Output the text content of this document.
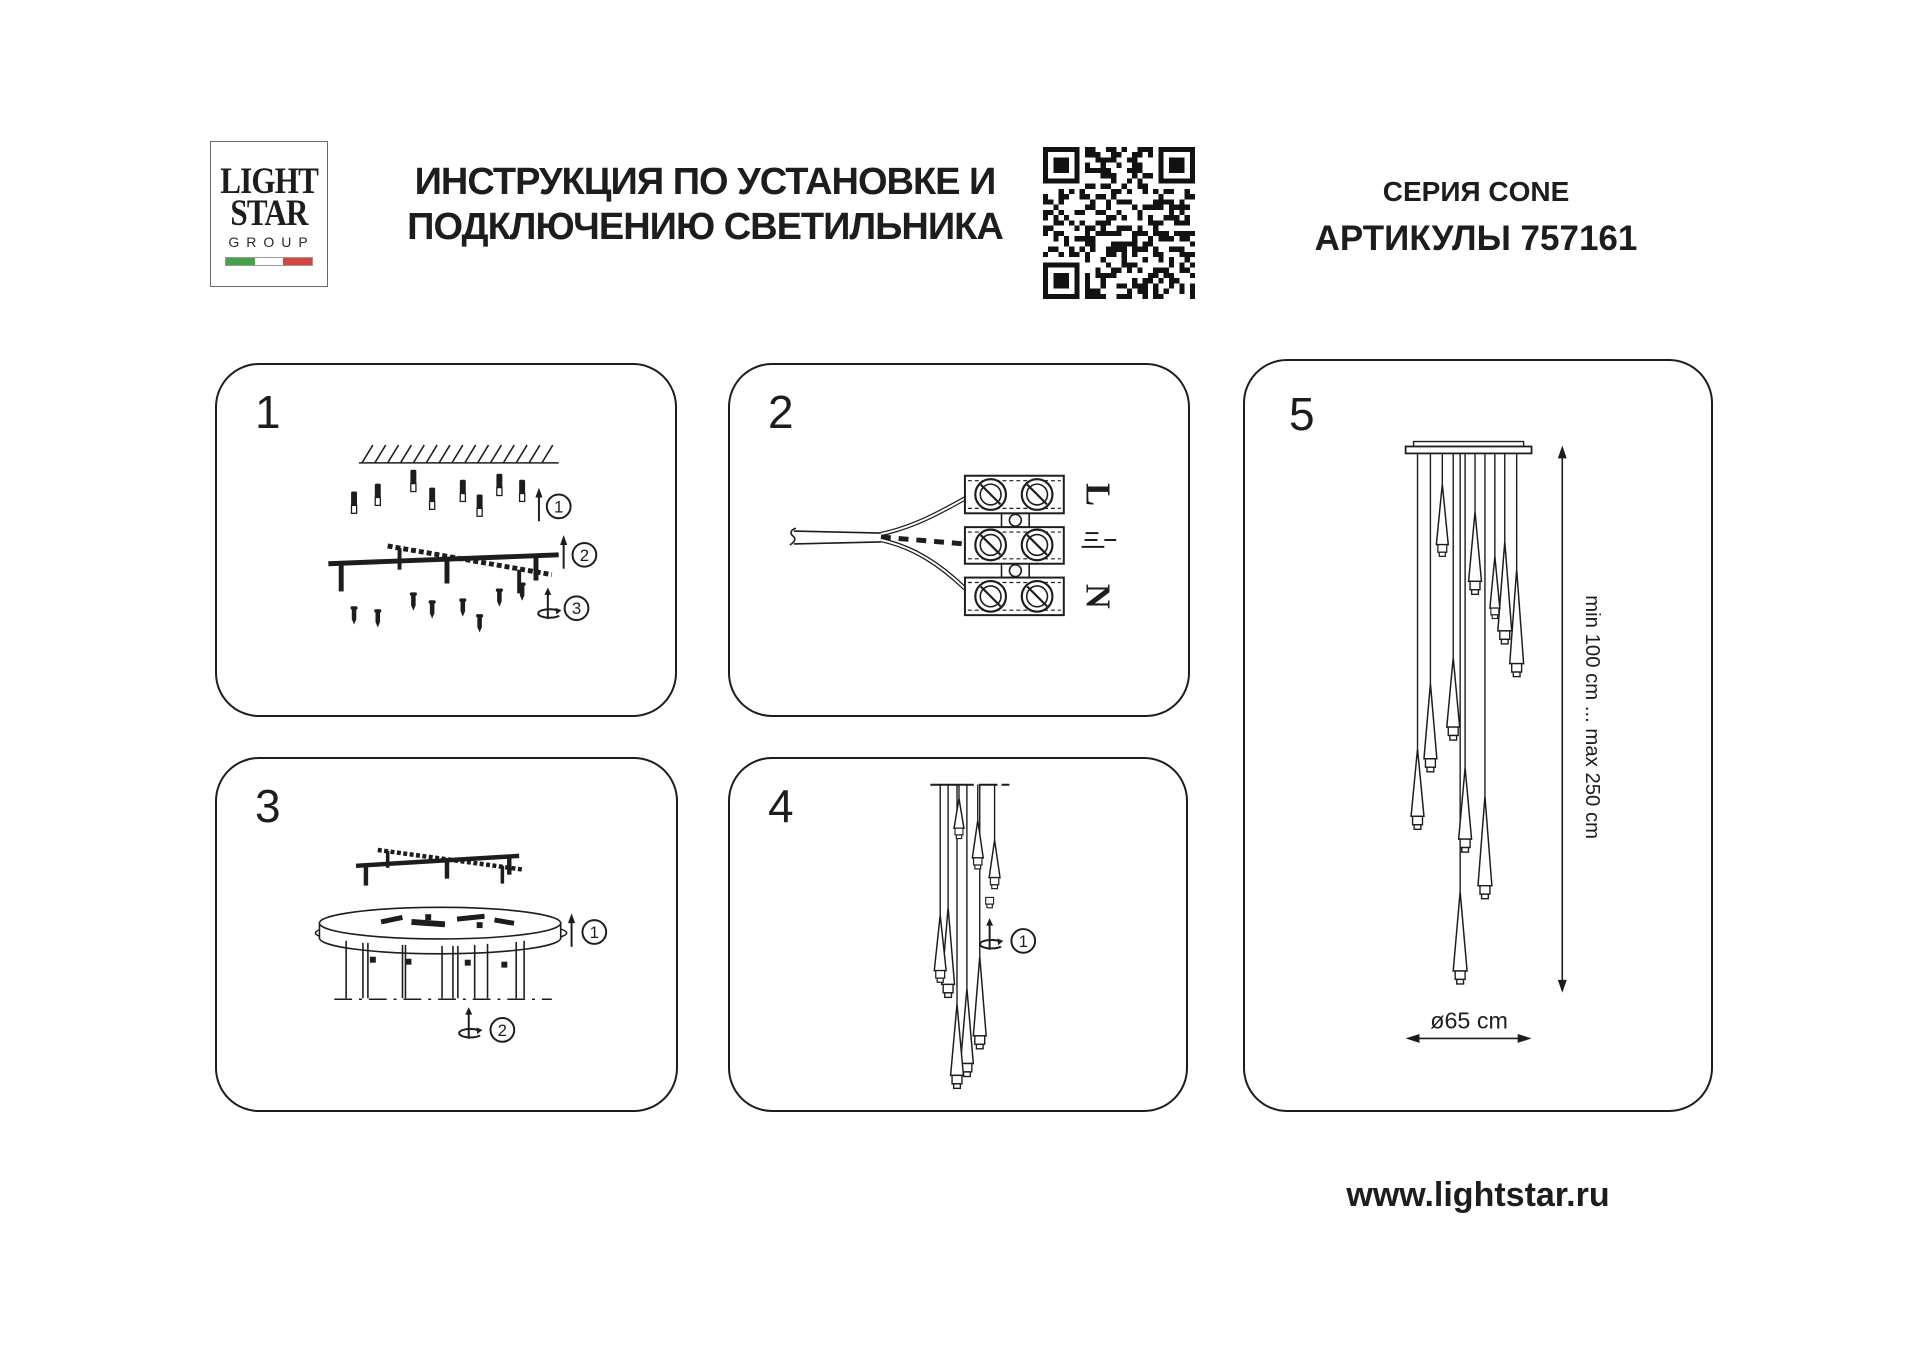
LIGHT
STAR
GROUP
ИНСТРУКЦИЯ ПО УСТАНОВКЕ И
ПОДКЛЮЧЕНИЮ СВЕТИЛЬНИКА
СЕРИЯ CONE
АРТИКУЛЫ 757161
1
1
2
3
2
L
N
3
1
2
4
1
5
min 100 cm ... max 250 cm
ø65 cm
www.lightstar.ru
